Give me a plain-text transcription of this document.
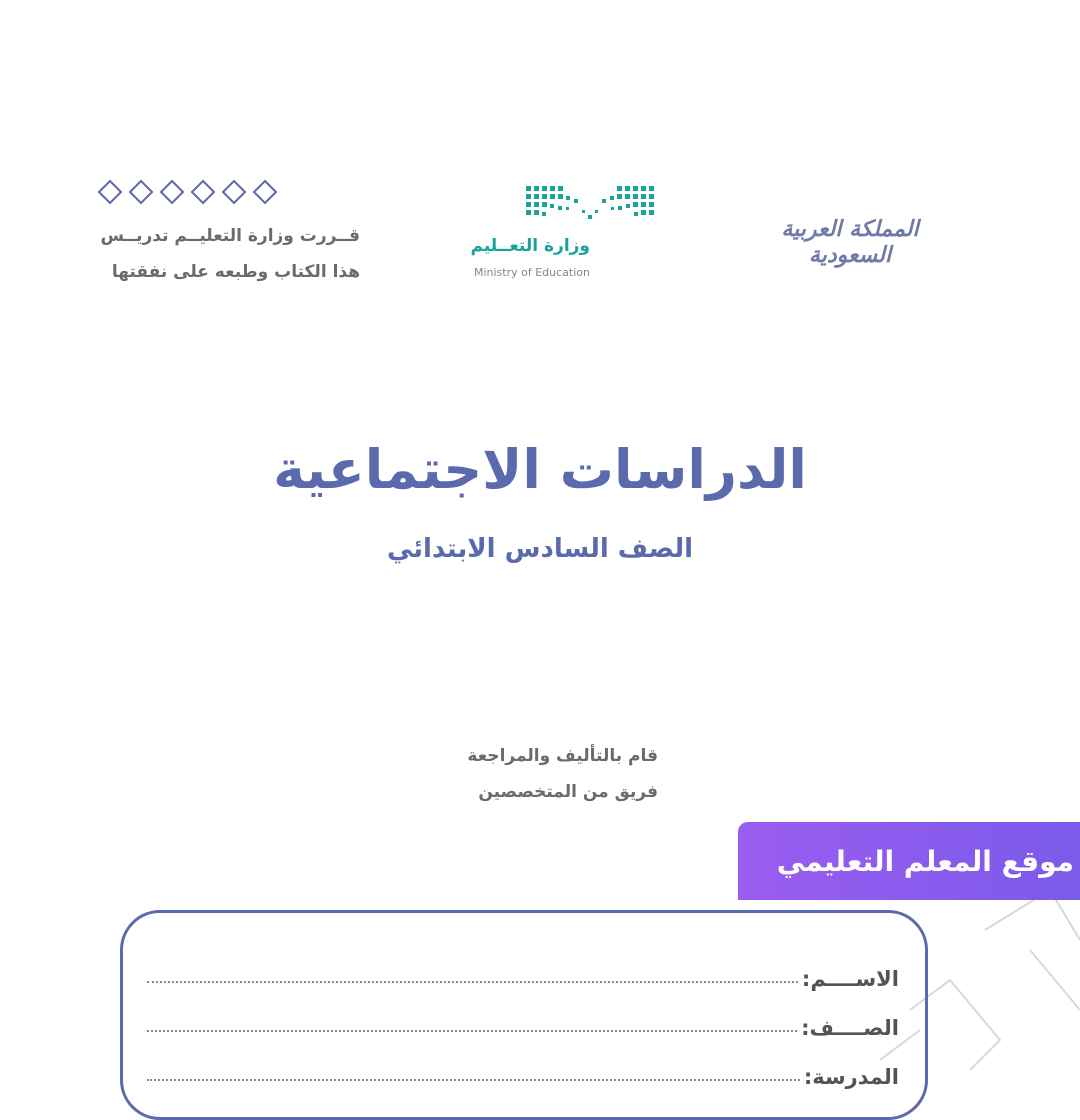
قــررت وزارة التعليــم تدريــس
هذا الكتاب وطبعه على نفقتها
وزارة التعــليم
Ministry of Education
المملكة العربية السعودية
الدراسات الاجتماعية
الصف السادس الابتدائي
قام بالتأليف والمراجعة
فريق من المتخصصين
موقع المعلم التعليمي
الاســــم:
الصــــف:
المدرسة:
